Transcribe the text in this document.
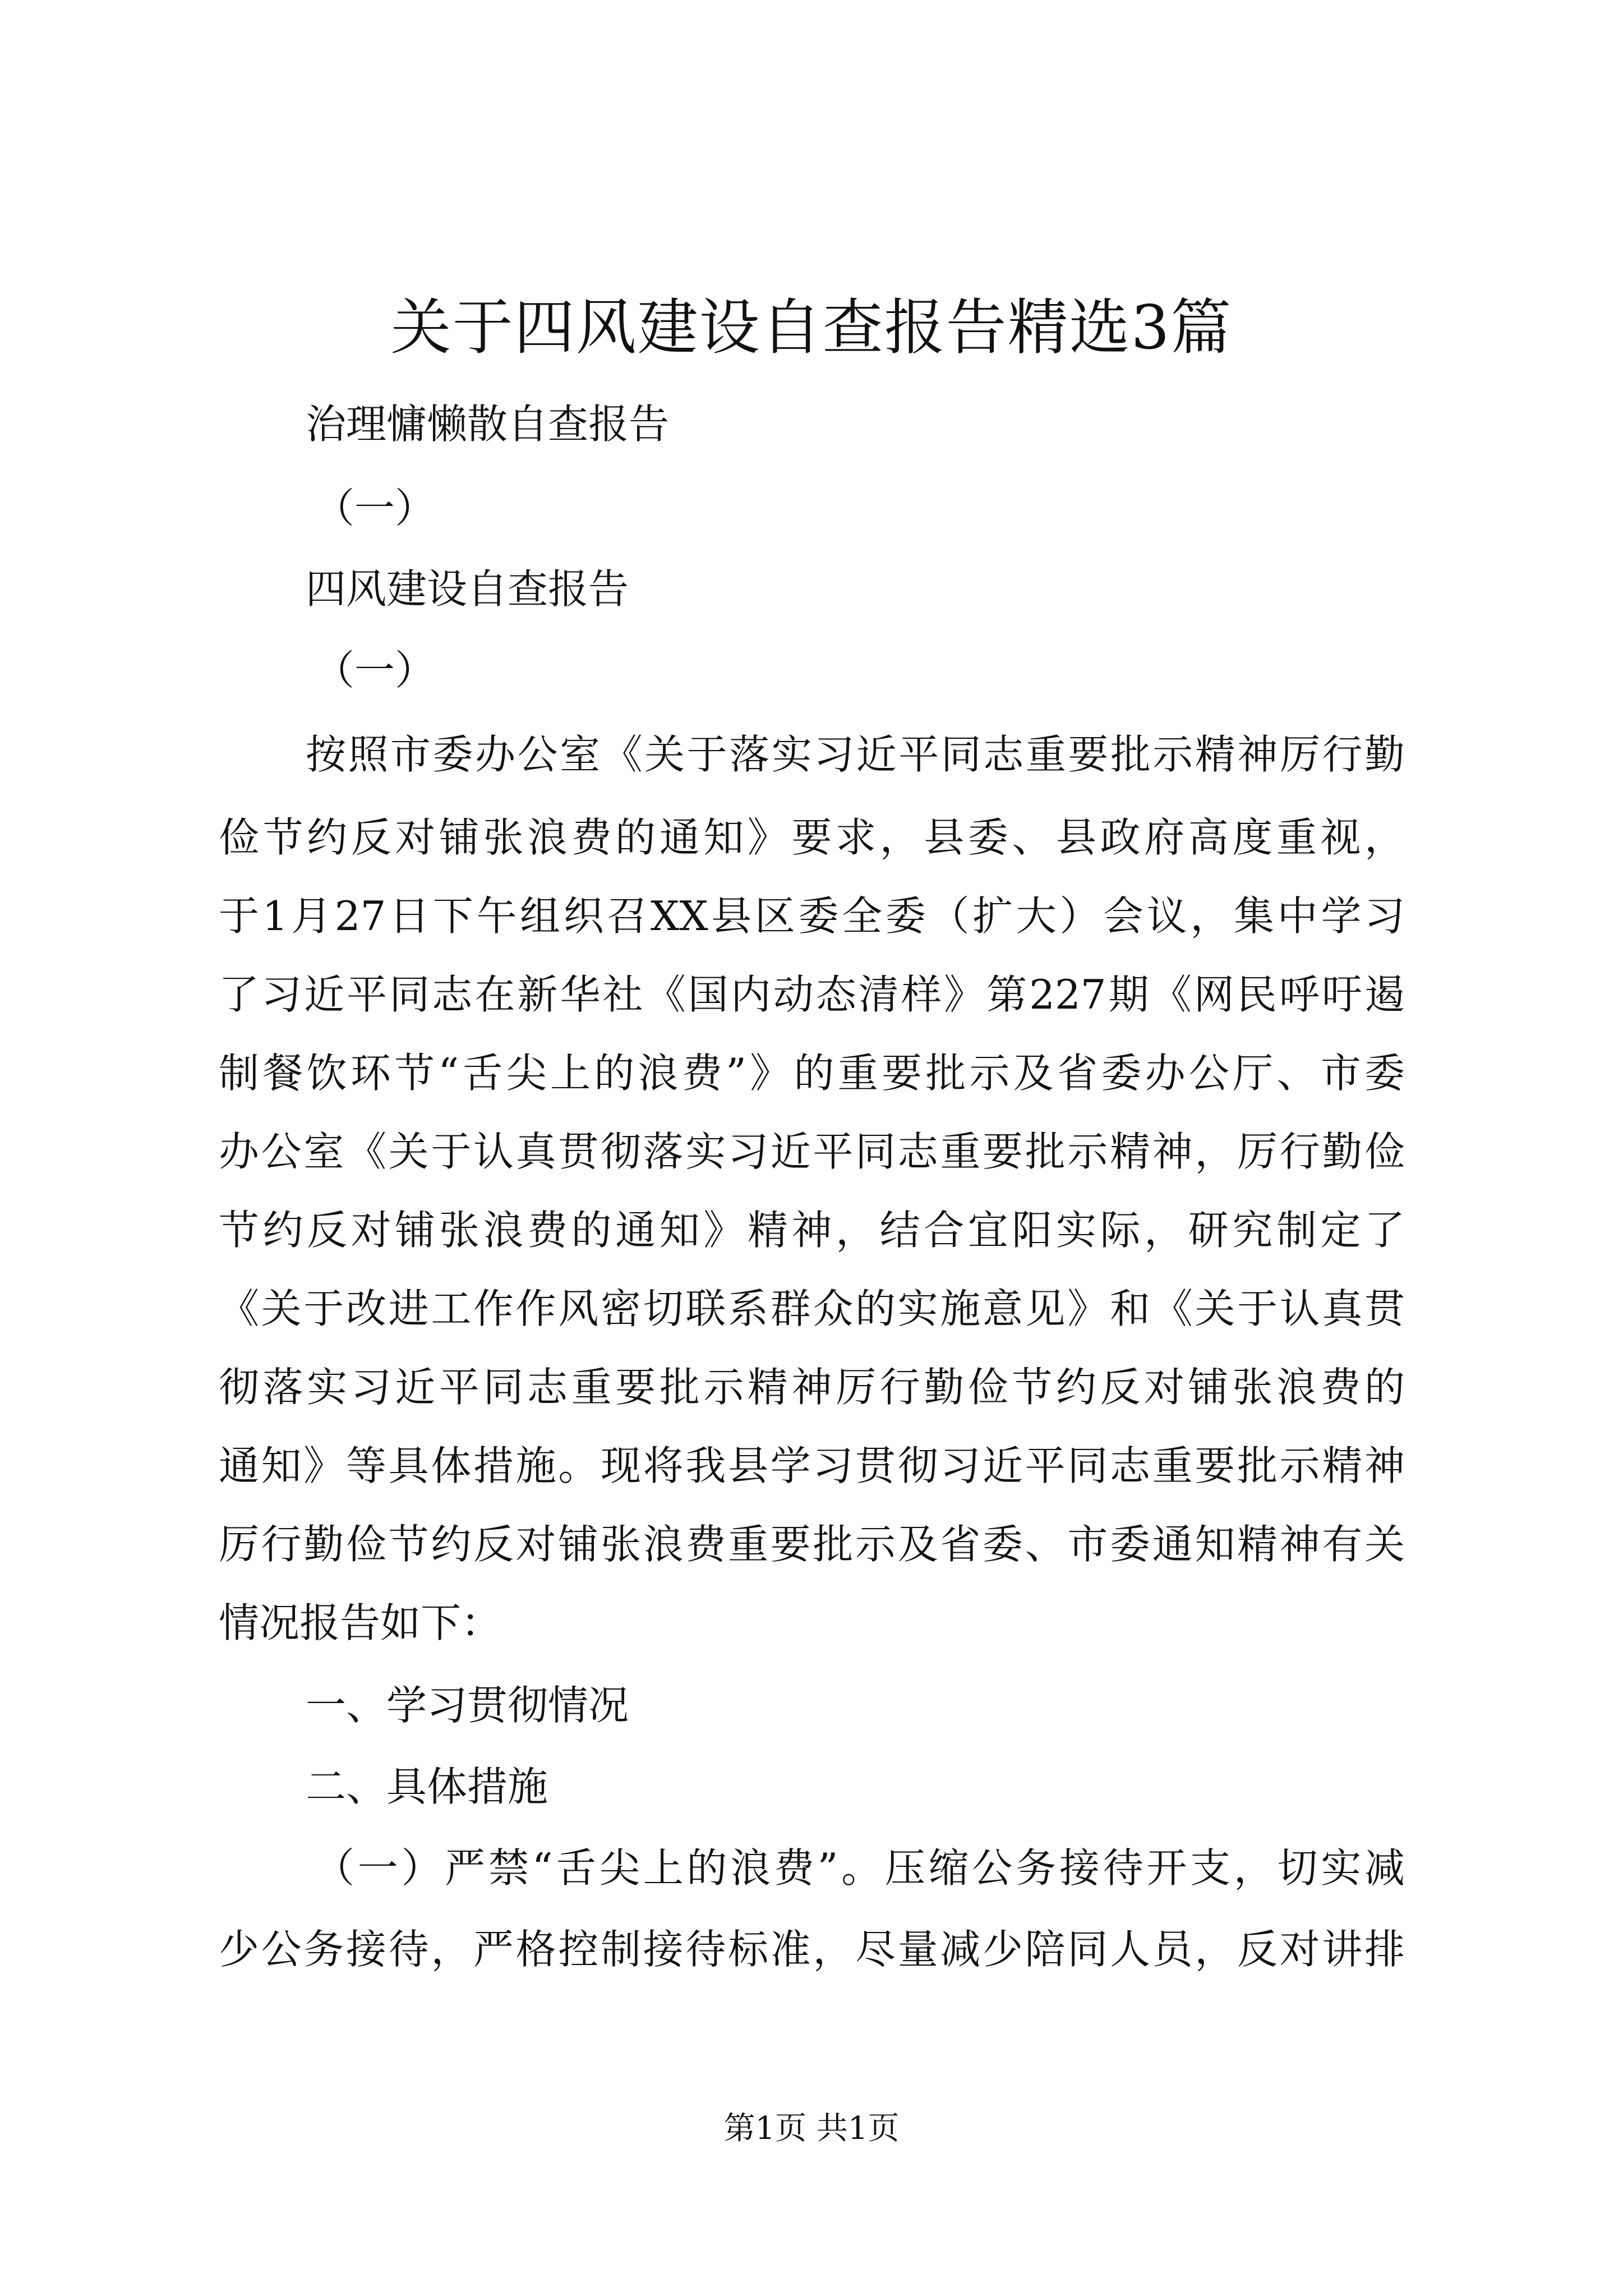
关于四风建设自查报告精选3篇
治理慵懒散自查报告
（一）
四风建设自查报告
（一）
按照市委办公室《关于落实习近平同志重要批示精神厉行勤
俭节约反对铺张浪费的通知》要求，县委、县政府高度重视，
于1月27日下午组织召XX县区委全委（扩大）会议，集中学习
了习近平同志在新华社《国内动态清样》第227期《网民呼吁遏
制餐饮环节“舌尖上的浪费”》的重要批示及省委办公厅、市委
办公室《关于认真贯彻落实习近平同志重要批示精神，厉行勤俭
节约反对铺张浪费的通知》精神，结合宜阳实际，研究制定了
《关于改进工作作风密切联系群众的实施意见》和《关于认真贯
彻落实习近平同志重要批示精神厉行勤俭节约反对铺张浪费的
通知》等具体措施。现将我县学习贯彻习近平同志重要批示精神
厉行勤俭节约反对铺张浪费重要批示及省委、市委通知精神有关
情况报告如下：
一、学习贯彻情况
二、具体措施
（一）严禁“舌尖上的浪费”。压缩公务接待开支，切实减
少公务接待，严格控制接待标准，尽量减少陪同人员，反对讲排
第1页 共1页
